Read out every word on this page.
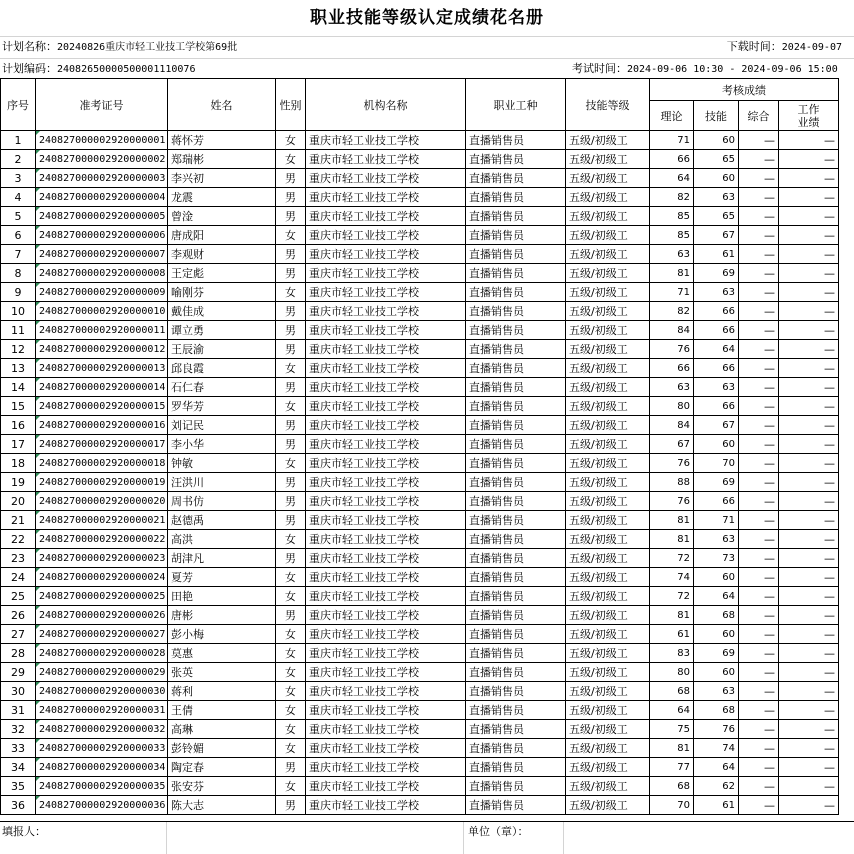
职业技能等级认定成绩花名册
计划名称：20240826重庆市轻工业技工学校第69批	下载时间：2024-09-07
计划编码：24082650000500001110076	考试时间：2024-09-06 10:30 - 2024-09-06 15:00
序号	准考证号	姓名	性别	机构名称	职业工种	技能等级	考核成绩			
							理论	技能	综合	工作
业绩

1	240827000002920000001	蒋怀芳	女	重庆市轻工业技工学校	直播销售员	五级/初级工	71	60	—	—
2	240827000002920000002	郑瑞彬	女	重庆市轻工业技工学校	直播销售员	五级/初级工	66	65	—	—
3	240827000002920000003	李兴初	男	重庆市轻工业技工学校	直播销售员	五级/初级工	64	60	—	—
4	240827000002920000004	龙震	男	重庆市轻工业技工学校	直播销售员	五级/初级工	82	63	—	—
5	240827000002920000005	曾淦	男	重庆市轻工业技工学校	直播销售员	五级/初级工	85	65	—	—
6	240827000002920000006	唐成阳	女	重庆市轻工业技工学校	直播销售员	五级/初级工	85	67	—	—
7	240827000002920000007	李观财	男	重庆市轻工业技工学校	直播销售员	五级/初级工	63	61	—	—
8	240827000002920000008	王定彪	男	重庆市轻工业技工学校	直播销售员	五级/初级工	81	69	—	—
9	240827000002920000009	喻刚芬	女	重庆市轻工业技工学校	直播销售员	五级/初级工	71	63	—	—
10	240827000002920000010	戴佳成	男	重庆市轻工业技工学校	直播销售员	五级/初级工	82	66	—	—
11	240827000002920000011	谭立勇	男	重庆市轻工业技工学校	直播销售员	五级/初级工	84	66	—	—
12	240827000002920000012	王辰渝	男	重庆市轻工业技工学校	直播销售员	五级/初级工	76	64	—	—
13	240827000002920000013	邱良霞	女	重庆市轻工业技工学校	直播销售员	五级/初级工	66	66	—	—
14	240827000002920000014	石仁春	男	重庆市轻工业技工学校	直播销售员	五级/初级工	63	63	—	—
15	240827000002920000015	罗华芳	女	重庆市轻工业技工学校	直播销售员	五级/初级工	80	66	—	—
16	240827000002920000016	刘记民	男	重庆市轻工业技工学校	直播销售员	五级/初级工	84	67	—	—
17	240827000002920000017	李小华	男	重庆市轻工业技工学校	直播销售员	五级/初级工	67	60	—	—
18	240827000002920000018	钟敏	女	重庆市轻工业技工学校	直播销售员	五级/初级工	76	70	—	—
19	240827000002920000019	汪洪川	男	重庆市轻工业技工学校	直播销售员	五级/初级工	88	69	—	—
20	240827000002920000020	周书仿	男	重庆市轻工业技工学校	直播销售员	五级/初级工	76	66	—	—
21	240827000002920000021	赵德禹	男	重庆市轻工业技工学校	直播销售员	五级/初级工	81	71	—	—
22	240827000002920000022	高洪	女	重庆市轻工业技工学校	直播销售员	五级/初级工	81	63	—	—
23	240827000002920000023	胡津凡	男	重庆市轻工业技工学校	直播销售员	五级/初级工	72	73	—	—
24	240827000002920000024	夏芳	女	重庆市轻工业技工学校	直播销售员	五级/初级工	74	60	—	—
25	240827000002920000025	田艳	女	重庆市轻工业技工学校	直播销售员	五级/初级工	72	64	—	—
26	240827000002920000026	唐彬	男	重庆市轻工业技工学校	直播销售员	五级/初级工	81	68	—	—
27	240827000002920000027	彭小梅	女	重庆市轻工业技工学校	直播销售员	五级/初级工	61	60	—	—
28	240827000002920000028	莫惠	女	重庆市轻工业技工学校	直播销售员	五级/初级工	83	69	—	—
29	240827000002920000029	张英	女	重庆市轻工业技工学校	直播销售员	五级/初级工	80	60	—	—
30	240827000002920000030	蒋利	女	重庆市轻工业技工学校	直播销售员	五级/初级工	68	63	—	—
31	240827000002920000031	王倩	女	重庆市轻工业技工学校	直播销售员	五级/初级工	64	68	—	—
32	240827000002920000032	高琳	女	重庆市轻工业技工学校	直播销售员	五级/初级工	75	76	—	—
33	240827000002920000033	彭铃媚	女	重庆市轻工业技工学校	直播销售员	五级/初级工	81	74	—	—
34	240827000002920000034	陶定春	男	重庆市轻工业技工学校	直播销售员	五级/初级工	77	64	—	—
35	240827000002920000035	张安芬	女	重庆市轻工业技工学校	直播销售员	五级/初级工	68	62	—	—
36	240827000002920000036	陈大志	男	重庆市轻工业技工学校	直播销售员	五级/初级工	70	61	—	—
填报人：	单位（章）：
